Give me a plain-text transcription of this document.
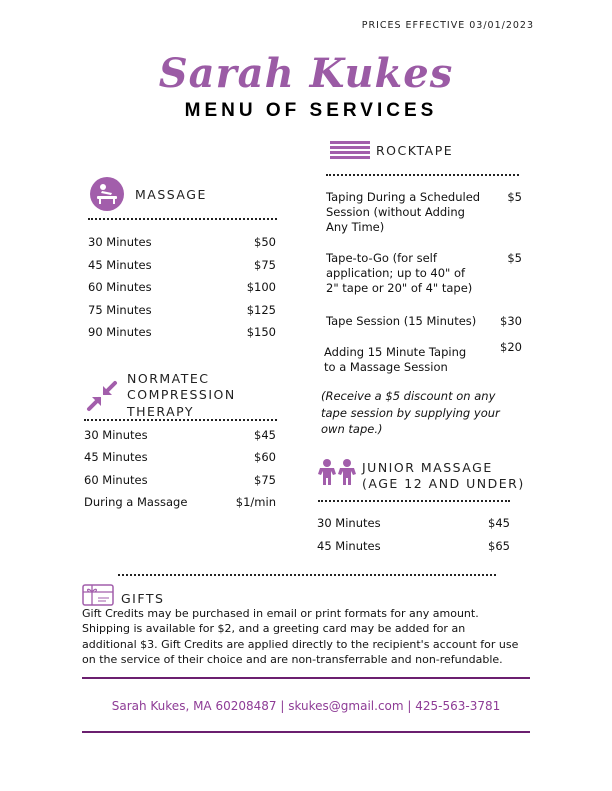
PRICES EFFECTIVE 03/01/2023
Sarah Kukes
MENU OF SERVICES
MASSAGE
30 Minutes	$50
45 Minutes	$75
60 Minutes	$100
75 Minutes	$125
90 Minutes	$150
NORMATEC
COMPRESSION
THERAPY
30 Minutes	$45
45 Minutes	$60
60 Minutes	$75
During a Massage	$1/min
ROCKTAPE
Taping During a Scheduled
Session (without Adding
Any Time)
$5
Tape-to-Go (for self
application; up to 40" of
2" tape or 20" of 4" tape)
$5
Tape Session (15 Minutes) $30
Adding 15 Minute Taping
to a Massage Session
$20
(Receive a $5 discount on any
tape session by supplying your
own tape.)
JUNIOR MASSAGE
(AGE 12 AND UNDER)
30 Minutes	$45
45 Minutes	$65
GIFTS
Gift Credits may be purchased in email or print formats for any amount.
Shipping is available for $2, and a greeting card may be added for an
additional $3. Gift Credits are applied directly to the recipient's account for use
on the service of their choice and are non-transferrable and non-refundable.
Sarah Kukes, MA 60208487 | skukes@gmail.com | 425-563-3781
